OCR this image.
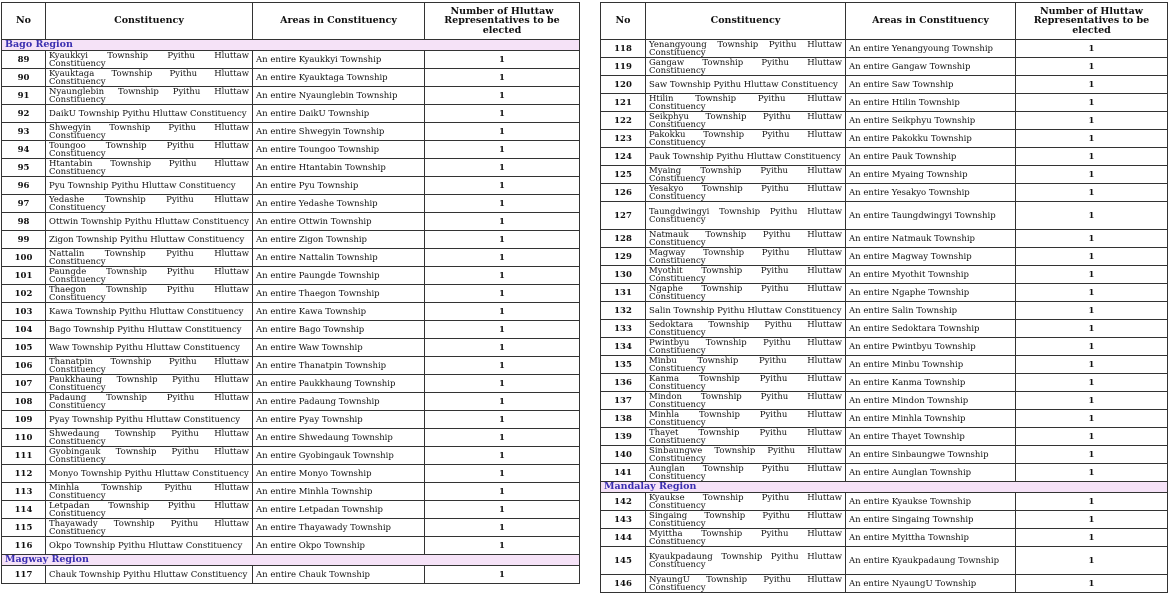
No	Constituency	Areas in Constituency	Number of Hluttaw Representatives to be elected
Bago Region			
89	Kyaukkyi Township Pyithu Hluttaw Constituency	An entire Kyaukkyi Township	1
90	Kyauktaga Township Pyithu Hluttaw Constituency	An entire Kyauktaga Township	1
91	Nyaunglebin Township Pyithu Hluttaw Constituency	An entire Nyaunglebin Township	1
92	DaikU Township Pyithu Hluttaw Constituency	An entire DaikU Township	1
93	Shwegyin Township Pyithu Hluttaw Constituency	An entire Shwegyin Township	1
94	Toungoo Township Pyithu Hluttaw Constituency	An entire Toungoo Township	1
95	Htantabin Township Pyithu Hluttaw Constituency	An entire Htantabin Township	1
96	Pyu Township Pyithu Hluttaw Constituency	An entire Pyu Township	1
97	Yedashe Township Pyithu Hluttaw Constituency	An entire Yedashe Township	1
98	Ottwin Township Pyithu Hluttaw Constituency	An entire Ottwin Township	1
99	Zigon Township Pyithu Hluttaw Constituency	An entire Zigon Township	1
100	Nattalin Township Pyithu Hluttaw Constituency	An entire Nattalin Township	1
101	Paungde Township Pyithu Hluttaw Constituency	An entire Paungde Township	1
102	Thaegon Township Pyithu Hluttaw Constituency	An entire Thaegon Township	1
103	Kawa Township Pyithu Hluttaw Constituency	An entire Kawa Township	1
104	Bago Township Pyithu Hluttaw Constituency	An entire Bago Township	1
105	Waw Township Pyithu Hluttaw Constituency	An entire Waw Township	1
106	Thanatpin Township Pyithu Hluttaw Constituency	An entire Thanatpin Township	1
107	Paukkhaung Township Pyithu Hluttaw Constituency	An entire Paukkhaung Township	1
108	Padaung Township Pyithu Hluttaw Constituency	An entire Padaung Township	1
109	Pyay Township Pyithu Hluttaw Constituency	An entire Pyay Township	1
110	Shwedaung Township Pyithu Hluttaw Constituency	An entire Shwedaung Township	1
111	Gyobingauk Township Pyithu Hluttaw Constituency	An entire Gyobingauk Township	1
112	Monyo Township Pyithu Hluttaw Constituency	An entire Monyo Township	1
113	Minhla Township Pyithu Hluttaw Constituency	An entire Minhla Township	1
114	Letpadan Township Pyithu Hluttaw Constituency	An entire Letpadan Township	1
115	Thayawady Township Pyithu Hluttaw Constituency	An entire Thayawady Township	1
116	Okpo Township Pyithu Hluttaw Constituency	An entire Okpo Township	1
Magway Region			
117	Chauk Township Pyithu Hluttaw Constituency	An entire Chauk Township	1
No	Constituency	Areas in Constituency	Number of Hluttaw Representatives to be elected
118	Yenangyoung Township Pyithu Hluttaw Constituency	An entire Yenangyoung Township	1
119	Gangaw Township Pyithu Hluttaw Constituency	An entire Gangaw Township	1
120	Saw Township Pyithu Hluttaw Constituency	An entire Saw Township	1
121	Htilin Township Pyithu Hluttaw Constituency	An entire Htilin Township	1
122	Seikphyu Township Pyithu Hluttaw Constituency	An entire Seikphyu Township	1
123	Pakokku Township Pyithu Hluttaw Constituency	An entire Pakokku Township	1
124	Pauk Township Pyithu Hluttaw Constituency	An entire Pauk Township	1
125	Myaing Township Pyithu Hluttaw Constituency	An entire Myaing Township	1
126	Yesakyo Township Pyithu Hluttaw Constituency	An entire Yesakyo Township	1
127	Taungdwingyi Township Pyithu Hluttaw Constituency	An entire Taungdwingyi Township	1
128	Natmauk Township Pyithu Hluttaw Constituency	An entire Natmauk Township	1
129	Magway Township Pyithu Hluttaw Constituency	An entire Magway Township	1
130	Myothit Township Pyithu Hluttaw Constituency	An entire Myothit Township	1
131	Ngaphe Township Pyithu Hluttaw Constituency	An entire Ngaphe Township	1
132	Salin Township Pyithu Hluttaw Constituency	An entire Salin Township	1
133	Sedoktara Township Pyithu Hluttaw Constituency	An entire Sedoktara Township	1
134	Pwintbyu Township Pyithu Hluttaw Constituency	An entire Pwintbyu Township	1
135	Minbu Township Pyithu Hluttaw Constituency	An entire Minbu Township	1
136	Kanma Township Pyithu Hluttaw Constituency	An entire Kanma Township	1
137	Mindon Township Pyithu Hluttaw Constituency	An entire Mindon Township	1
138	Minhla Township Pyithu Hluttaw Constituency	An entire Minhla Township	1
139	Thayet Township Pyithu Hluttaw Constituency	An entire Thayet Township	1
140	Sinbaungwe Township Pyithu Hluttaw Constituency	An entire Sinbaungwe Township	1
141	Aunglan Township Pyithu Hluttaw Constituency	An entire Aunglan Township	1
Mandalay Region			
142	Kyaukse Township Pyithu Hluttaw Constituency	An entire Kyaukse Township	1
143	Singaing Township Pyithu Hluttaw Constituency	An entire Singaing Township	1
144	Myittha Township Pyithu Hluttaw Constituency	An entire Myittha Township	1
145	Kyaukpadaung Township Pyithu Hluttaw Constituency	An entire Kyaukpadaung Township	1
146	NyaungU Township Pyithu Hluttaw Constituency	An entire NyaungU Township	1
